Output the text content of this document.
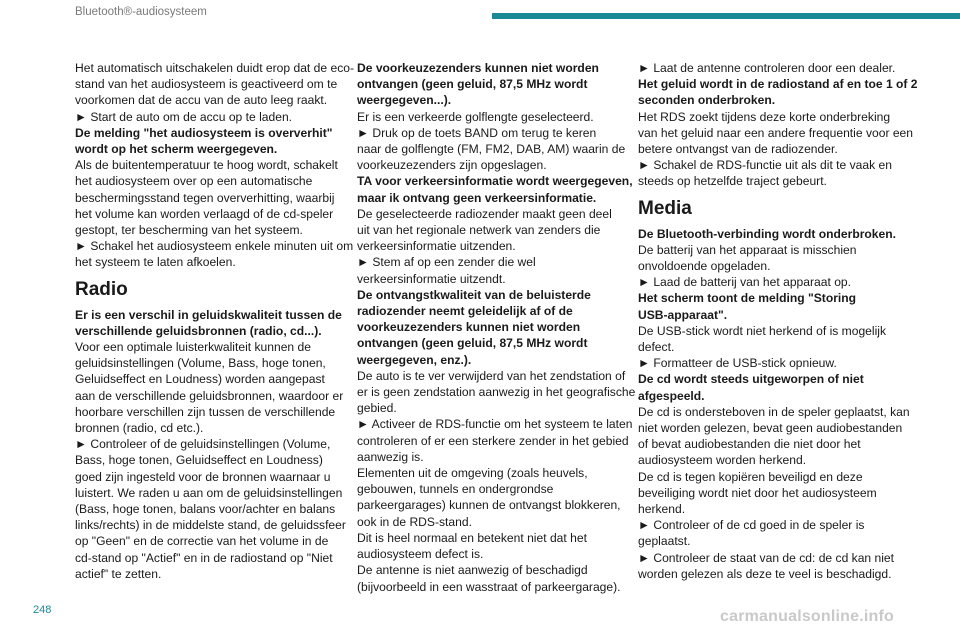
Bluetooth®-audiosysteem

Het automatisch uitschakelen duidt erop dat de eco-

stand van het audiosysteem is geactiveerd om te

voorkomen dat de accu van de auto leeg raakt.

► Start de auto om de accu op te laden.

De melding "het audiosysteem is oververhit"

wordt op het scherm weergegeven.

Als de buitentemperatuur te hoog wordt, schakelt

het audiosysteem over op een automatische

beschermingsstand tegen oververhitting, waarbij

het volume kan worden verlaagd of de cd-speler

gestopt, ter bescherming van het systeem.

► Schakel het audiosysteem enkele minuten uit om

het systeem te laten afkoelen.

Radio

Er is een verschil in geluidskwaliteit tussen de

verschillende geluidsbronnen (radio, cd...).

Voor een optimale luisterkwaliteit kunnen de

geluidsinstellingen (Volume, Bass, hoge tonen,

Geluidseffect en Loudness) worden aangepast

aan de verschillende geluidsbronnen, waardoor er

hoorbare verschillen zijn tussen de verschillende

bronnen (radio, cd etc.).

► Controleer of de geluidsinstellingen (Volume,

Bass, hoge tonen, Geluidseffect en Loudness)

goed zijn ingesteld voor de bronnen waarnaar u

luistert. We raden u aan om de geluidsinstellingen

(Bass, hoge tonen, balans voor/achter en balans

links/rechts) in de middelste stand, de geluidssfeer

op "Geen" en de correctie van het volume in de

cd-stand op "Actief" en in de radiostand op "Niet

actief" te zetten.

De voorkeuzezenders kunnen niet worden

ontvangen (geen geluid, 87,5 MHz wordt

weergegeven...).

Er is een verkeerde golflengte geselecteerd.

► Druk op de toets BAND om terug te keren

naar de golflengte (FM, FM2, DAB, AM) waarin de

voorkeuzezenders zijn opgeslagen.

TA voor verkeersinformatie wordt weergegeven,

maar ik ontvang geen verkeersinformatie.

De geselecteerde radiozender maakt geen deel

uit van het regionale netwerk van zenders die

verkeersinformatie uitzenden.

► Stem af op een zender die wel

verkeersinformatie uitzendt.

De ontvangstkwaliteit van de beluisterde

radiozender neemt geleidelijk af of de

voorkeuzezenders kunnen niet worden

ontvangen (geen geluid, 87,5 MHz wordt

weergegeven, enz.).

De auto is te ver verwijderd van het zendstation of

er is geen zendstation aanwezig in het geografische

gebied.

► Activeer de RDS-functie om het systeem te laten

controleren of er een sterkere zender in het gebied

aanwezig is.

Elementen uit de omgeving (zoals heuvels,

gebouwen, tunnels en ondergrondse

parkeergarages) kunnen de ontvangst blokkeren,

ook in de RDS-stand.

Dit is heel normaal en betekent niet dat het

audiosysteem defect is.

De antenne is niet aanwezig of beschadigd

(bijvoorbeeld in een wasstraat of parkeergarage).

► Laat de antenne controleren door een dealer.

Het geluid wordt in de radiostand af en toe 1 of 2

seconden onderbroken.

Het RDS zoekt tijdens deze korte onderbreking

van het geluid naar een andere frequentie voor een

betere ontvangst van de radiozender.

► Schakel de RDS-functie uit als dit te vaak en

steeds op hetzelfde traject gebeurt.

Media

De Bluetooth-verbinding wordt onderbroken.

De batterij van het apparaat is misschien

onvoldoende opgeladen.

► Laad de batterij van het apparaat op.

Het scherm toont de melding "Storing

USB-apparaat".

De USB-stick wordt niet herkend of is mogelijk

defect.

► Formatteer de USB-stick opnieuw.

De cd wordt steeds uitgeworpen of niet

afgespeeld.

De cd is ondersteboven in de speler geplaatst, kan

niet worden gelezen, bevat geen audiobestanden

of bevat audiobestanden die niet door het

audiosysteem worden herkend.

De cd is tegen kopiëren beveiligd en deze

beveiliging wordt niet door het audiosysteem

herkend.

► Controleer of de cd goed in de speler is

geplaatst.

► Controleer de staat van de cd: de cd kan niet

worden gelezen als deze te veel is beschadigd.

248	carmanualsonline.info
